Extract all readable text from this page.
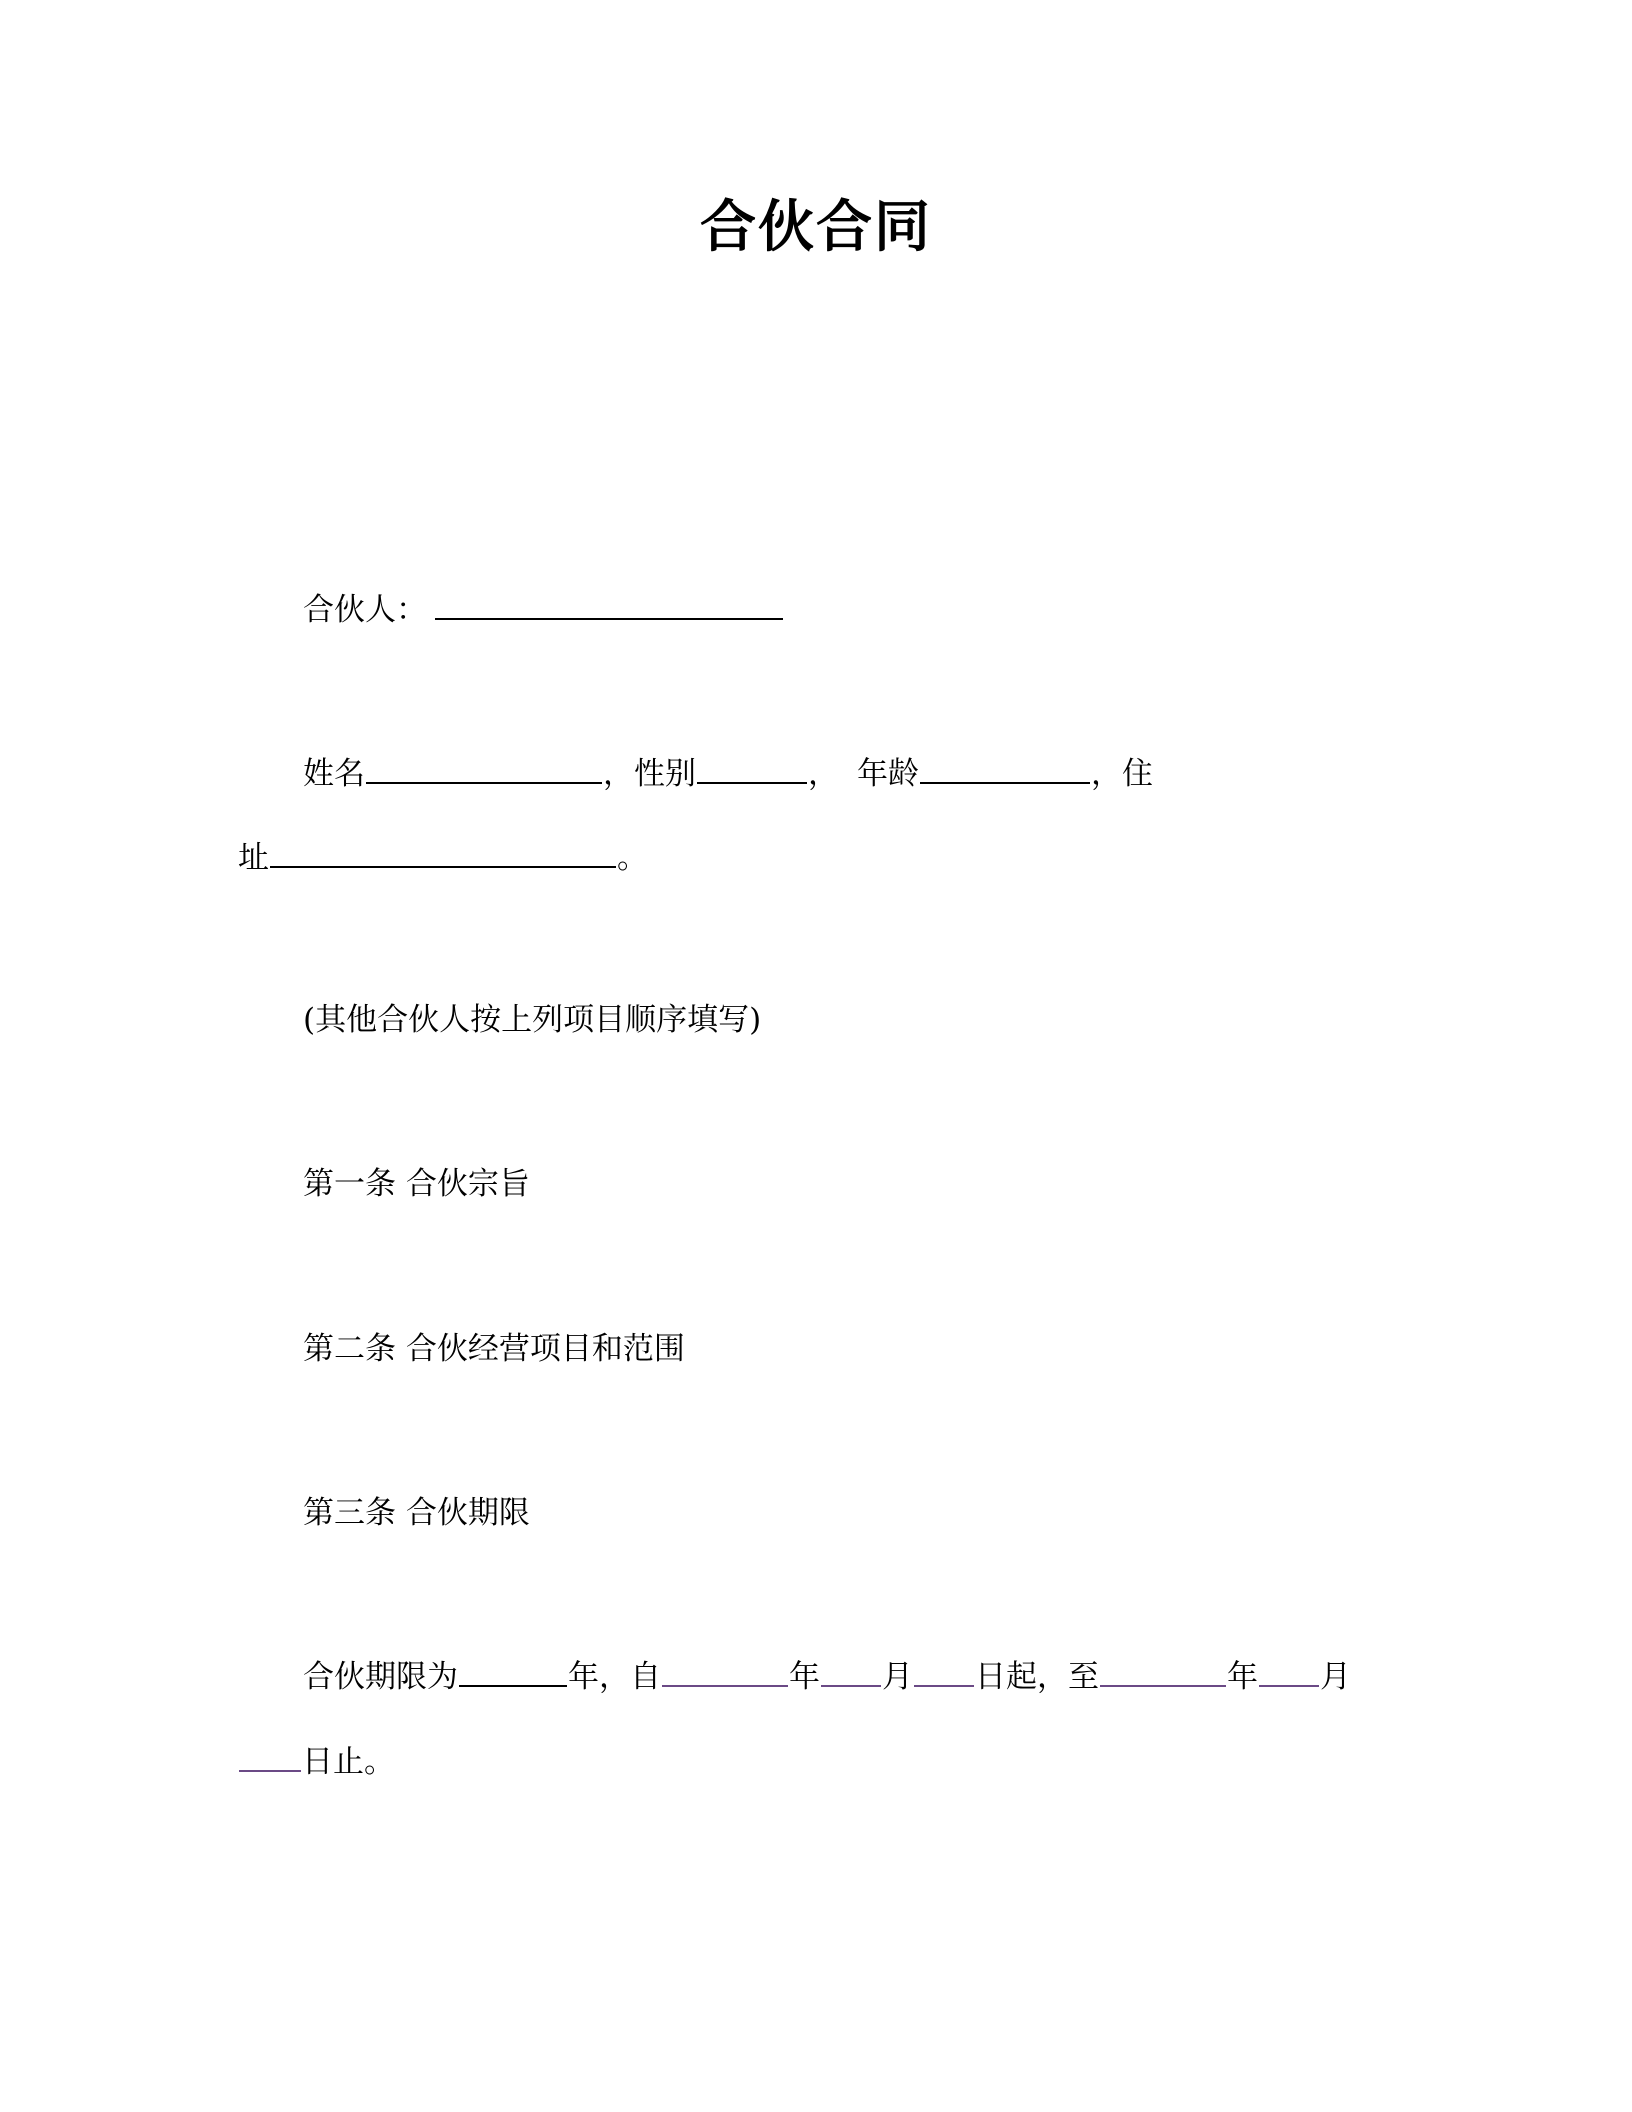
合伙合同
合伙人：
姓名	，性别	， 年龄	，住
址	。
(其他合伙人按上列项目顺序填写)
第一条 合伙宗旨
第二条 合伙经营项目和范围
第三条 合伙期限
合伙期限为	年，自	年 月 日起，至	年 月
日止。
